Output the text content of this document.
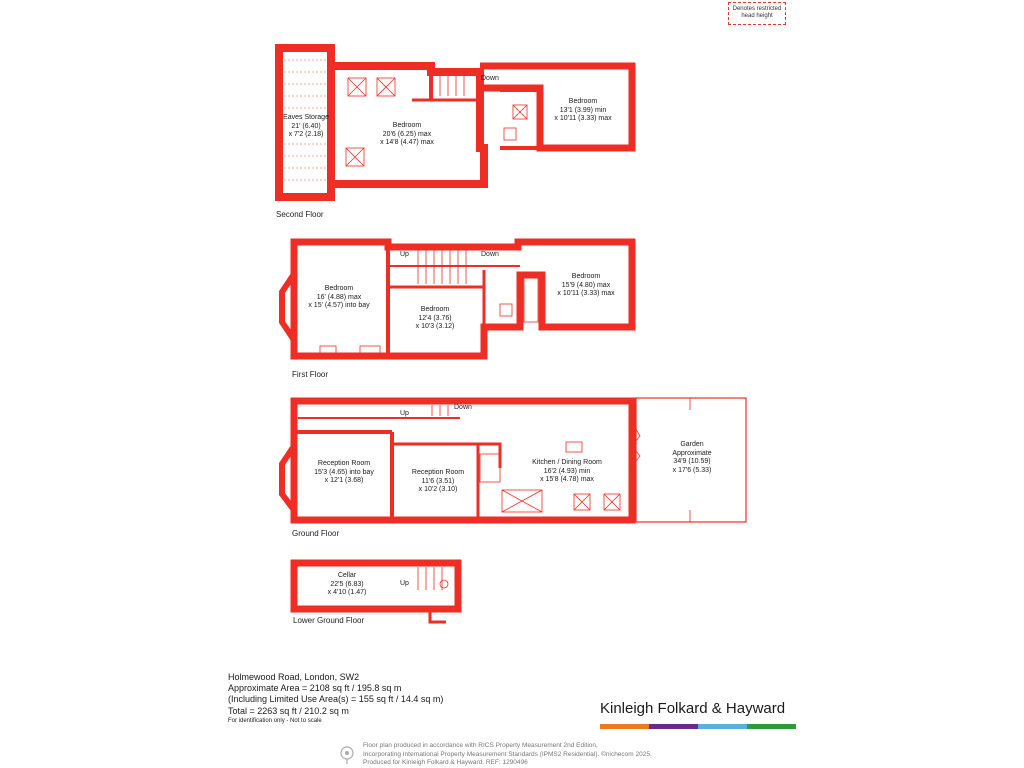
Denotes restricted
head height
Eaves Storage
21' (6.40)
x 7'2 (2.18)
Bedroom
20'6 (6.25) max
x 14'8 (4.47) max
Bedroom
13'1 (3.99) min
x 10'11 (3.33) max
Down
Second Floor
Bedroom
16' (4.88) max
x 15' (4.57) into bay
Bedroom
12'4 (3.76)
x 10'3 (3.12)
Bedroom
15'9 (4.80) max
x 10'11 (3.33) max
Up	Down
First Floor
Reception Room
15'3 (4.65) into bay
x 12'1 (3.68)
Reception Room
11'6 (3.51)
x 10'2 (3.10)
Kitchen / Dining Room
16'2 (4.93) min
x 15'8 (4.78) max
Garden
Approximate
34'9 (10.59)
x 17'6 (5.33)
Up
Down
Ground Floor
Cellar
22'5 (6.83)
x 4'10 (1.47)
Up
Lower Ground Floor
Holmewood Road, London, SW2
Approximate Area = 2108 sq ft / 195.8 sq m
(Including Limited Use Area(s) = 155 sq ft / 14.4 sq m)
Total = 2263 sq ft / 210.2 sq m
For identification only - Not to scale
Kinleigh Folkard & Hayward
Floor plan produced in accordance with RICS Property Measurement 2nd Edition,
Incorporating International Property Measurement Standards (IPMS2 Residential). ©nichecom 2025.
Produced for Kinleigh Folkard & Hayward. REF: 1290496
